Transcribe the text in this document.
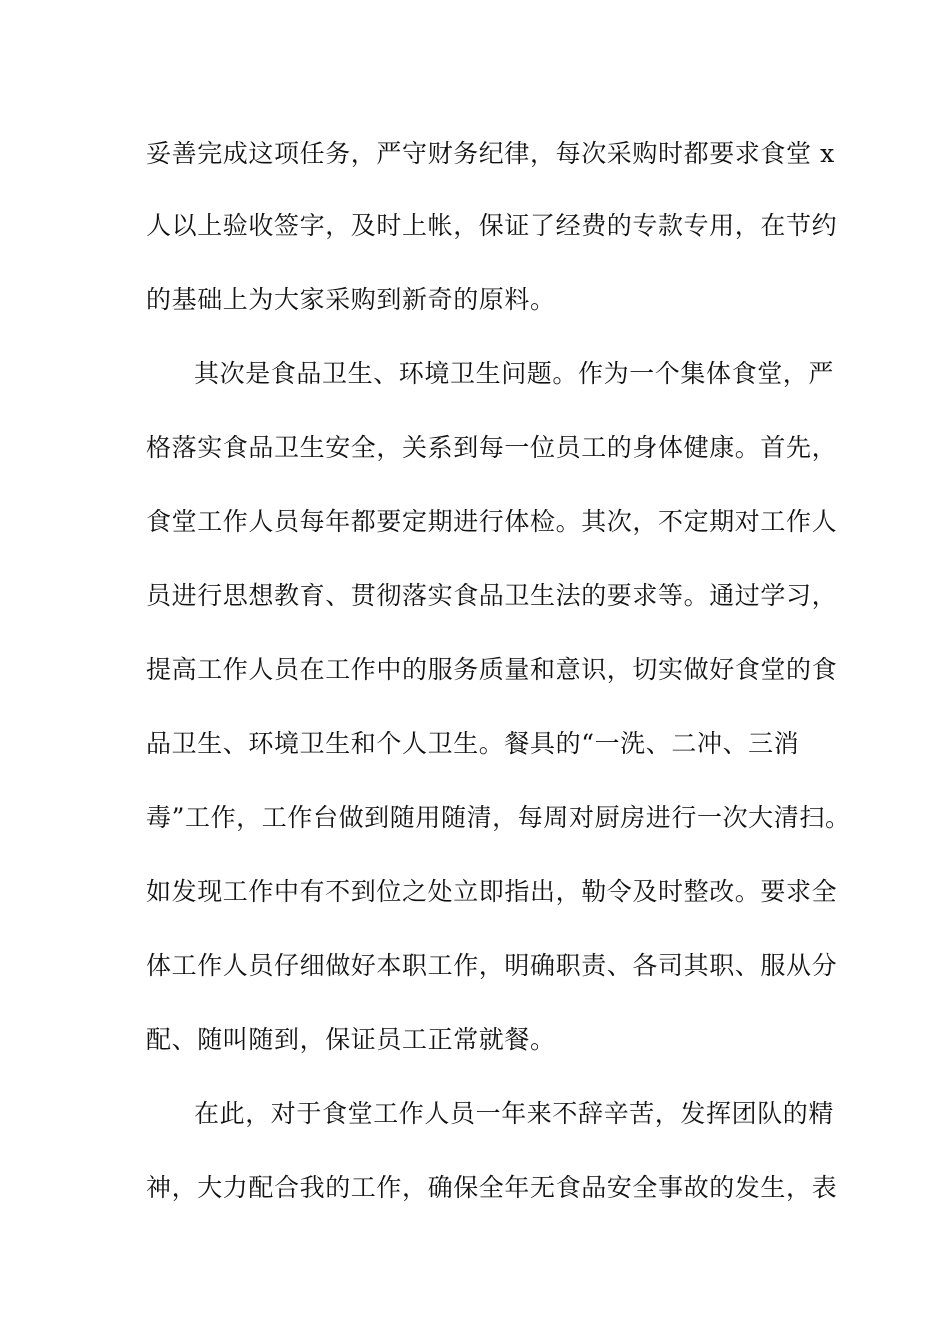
妥善完成这项任务，严守财务纪律，每次采购时都要求食堂 x
人以上验收签字，及时上帐，保证了经费的专款专用，在节约
的基础上为大家采购到新奇的原料。
其次是食品卫生、环境卫生问题。作为一个集体食堂，严
格落实食品卫生安全，关系到每一位员工的身体健康。首先，
食堂工作人员每年都要定期进行体检。其次，不定期对工作人
员进行思想教育、贯彻落实食品卫生法的要求等。通过学习，
提高工作人员在工作中的服务质量和意识，切实做好食堂的食
品卫生、环境卫生和个人卫生。餐具的“一洗、二冲、三消
毒”工作，工作台做到随用随清，每周对厨房进行一次大清扫。
如发现工作中有不到位之处立即指出，勒令及时整改。要求全
体工作人员仔细做好本职工作，明确职责、各司其职、服从分
配、随叫随到，保证员工正常就餐。
在此，对于食堂工作人员一年来不辞辛苦，发挥团队的精
神，大力配合我的工作，确保全年无食品安全事故的发生，表
